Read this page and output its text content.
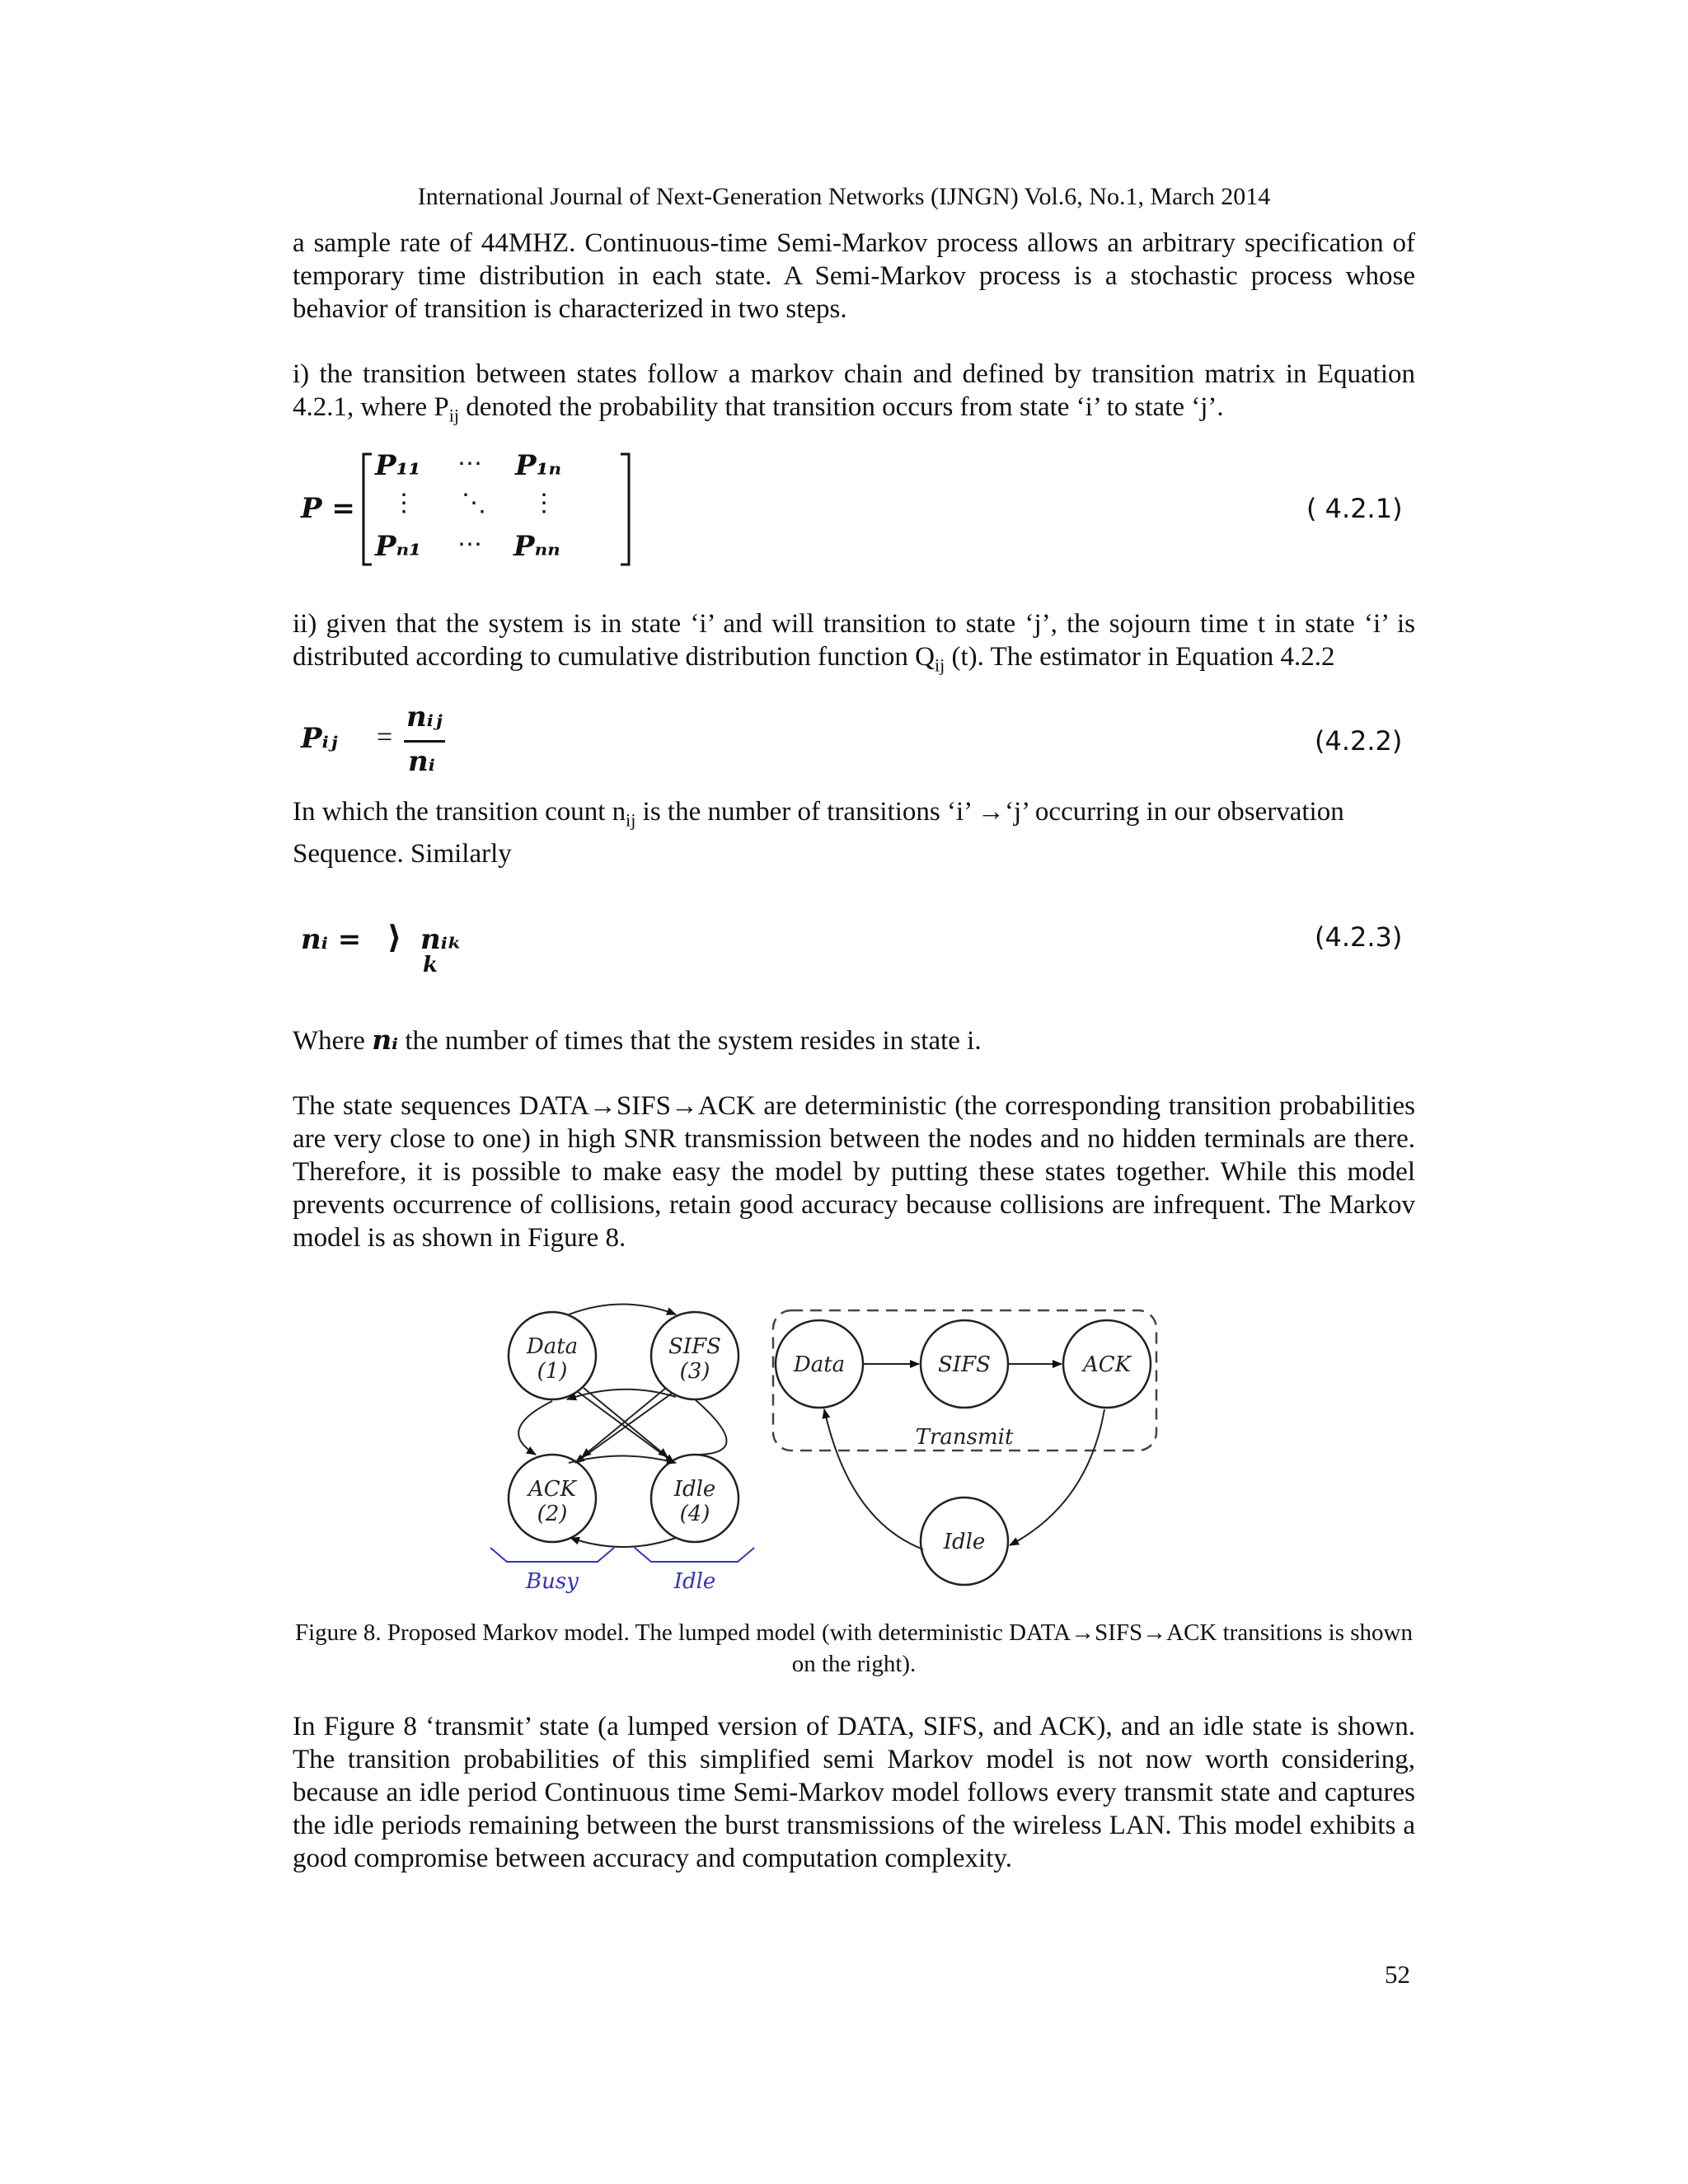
International Journal of Next-Generation Networks (IJNGN) Vol.6, No.1, March 2014
a sample rate of 44MHZ. Continuous-time Semi-Markov process allows an arbitrary specification of temporary time distribution in each state. A Semi-Markov process is a stochastic process whose behavior of transition is characterized in two steps.
i) the transition between states follow a markov chain and defined by transition matrix in Equation 4.2.1, where $P_{ij}$ denoted the probability that transition occurs from state ‘i’ to state ‘j’.
P =
P₁₁ ⋯ P₁ₙ
⋮ ⋱ ⋮
Pₙ₁ ⋯ Pₙₙ
( 4.2.1)
ii) given that the system is in state ‘i’ and will transition to state ‘j’, the sojourn time t in state ‘i’ is distributed according to cumulative distribution function $Q_{ij}$ (t). The estimator in Equation 4.2.2
Pᵢⱼ =
nᵢⱼ
nᵢ
(4.2.2)
In which the transition count $n_{ij}$ is the number of transitions ‘i’ →‘j’ occurring in our observation Sequence. Similarly
nᵢ = ⟩ nᵢₖ
k
(4.2.3)
Where nᵢ the number of times that the system resides in state i.
The state sequences DATA→SIFS→ACK are deterministic (the corresponding transition probabilities are very close to one) in high SNR transmission between the nodes and no hidden terminals are there. Therefore, it is possible to make easy the model by putting these states together. While this model prevents occurrence of collisions, retain good accuracy because collisions are infrequent. The Markov model is as shown in Figure 8.
Data
(1)
SIFS
(3)
ACK
(2)
Idle
(4)
Busy	Idle
Data	SIFS	ACK
Idle
Transmit
Figure 8. Proposed Markov model. The lumped model (with deterministic DATA→SIFS→ACK transitions is shown on the right).
In Figure 8 ‘transmit’ state (a lumped version of DATA, SIFS, and ACK), and an idle state is shown. The transition probabilities of this simplified semi Markov model is not now worth considering, because an idle period Continuous time Semi-Markov model follows every transmit state and captures the idle periods remaining between the burst transmissions of the wireless LAN. This model exhibits a good compromise between accuracy and computation complexity.
52
